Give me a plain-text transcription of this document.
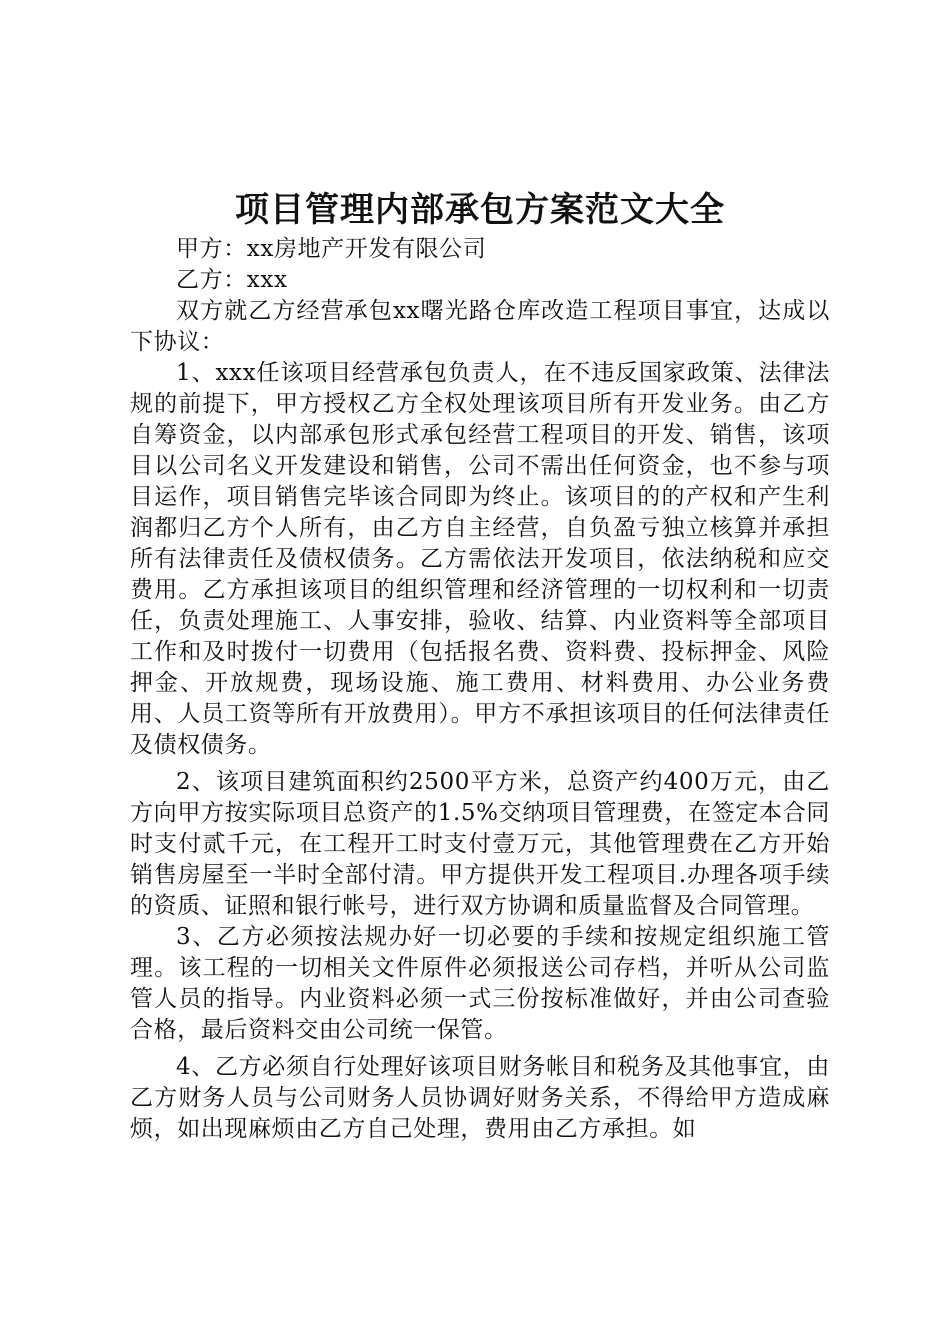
项目管理内部承包方案范文大全

甲方：xx房地产开发有限公司

乙方：xxx

双方就乙方经营承包xx曙光路仓库改造工程项目事宜，达成以下协议：

1、xxx任该项目经营承包负责人，在不违反国家政策、法律法规的前提下，甲方授权乙方全权处理该项目所有开发业务。由乙方自筹资金，以内部承包形式承包经营工程项目的开发、销售，该项目以公司名义开发建设和销售，公司不需出任何资金，也不参与项目运作，项目销售完毕该合同即为终止。该项目的的产权和产生利润都归乙方个人所有，由乙方自主经营，自负盈亏独立核算并承担所有法律责任及债权债务。乙方需依法开发项目，依法纳税和应交费用。乙方承担该项目的组织管理和经济管理的一切权利和一切责任，负责处理施工、人事安排，验收、结算、内业资料等全部项目工作和及时拨付一切费用（包括报名费、资料费、投标押金、风险押金、开放规费，现场设施、施工费用、材料费用、办公业务费用、人员工资等所有开放费用）。甲方不承担该项目的任何法律责任及债权债务。

2、该项目建筑面积约2500平方米，总资产约400万元，由乙方向甲方按实际项目总资产的1.5%交纳项目管理费，在签定本合同时支付贰千元，在工程开工时支付壹万元，其他管理费在乙方开始销售房屋至一半时全部付清。甲方提供开发工程项目.办理各项手续的资质、证照和银行帐号，进行双方协调和质量监督及合同管理。

3、乙方必须按法规办好一切必要的手续和按规定组织施工管理。该工程的一切相关文件原件必须报送公司存档，并听从公司监管人员的指导。内业资料必须一式三份按标准做好，并由公司查验合格，最后资料交由公司统一保管。

4、乙方必须自行处理好该项目财务帐目和税务及其他事宜，由乙方财务人员与公司财务人员协调好财务关系，不得给甲方造成麻烦，如出现麻烦由乙方自己处理，费用由乙方承担。如
